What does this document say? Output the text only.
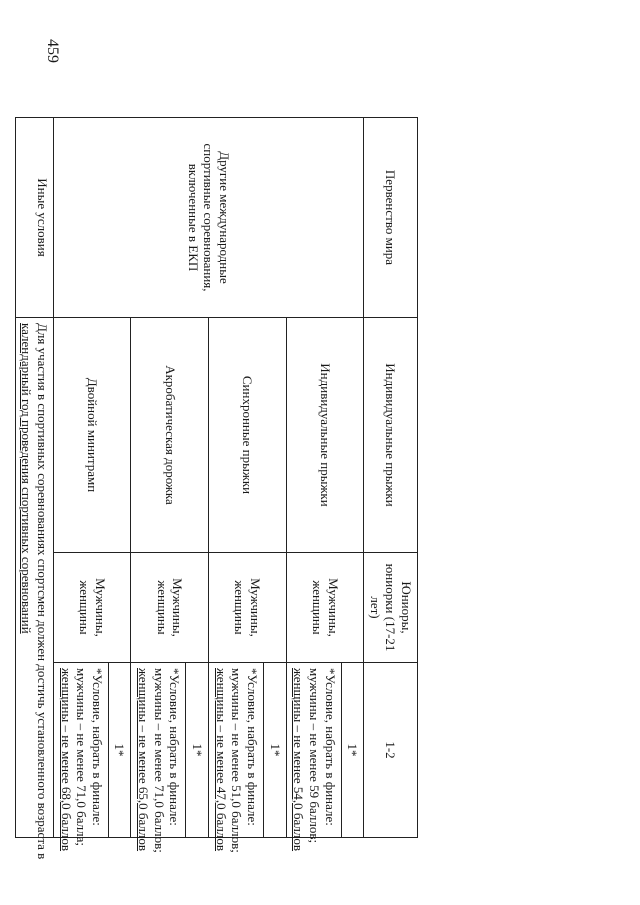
459
Первенство мира	Индивидуальные прыжки	Юниоры, юниорки (17-21 лет)	1-2
Другие международные спортивные соревнования, включенные в ЕКП	Индивидуальные прыжки	Мужчины, женщины	1*

			*Условие, набрать в финале:
мужчины – не менее 59 баллов;
женщины – не менее 54,0 баллов

	Синхронные прыжки	Мужчины, женщины	1*

			*Условие, набрать в финале:
мужчины – не менее 51,0 баллов;
женщины – не менее 47,0 баллов

	Акробатическая дорожка	Мужчины, женщины	1*

			*Условие, набрать в финале:
мужчины – не менее 71,0 баллов;
женщины – не менее 65,0 баллов

	Двойной минитрамп	Мужчины, женщины	1*

			*Условие, набрать в финале:
мужчины – не менее 71,0 балла;
женщины – не менее 68,0 баллов

Иные условия	Для участия в спортивных соревнованиях спортсмен должен достичь установленного возраста в
календарный год проведения спортивных соревнований		
